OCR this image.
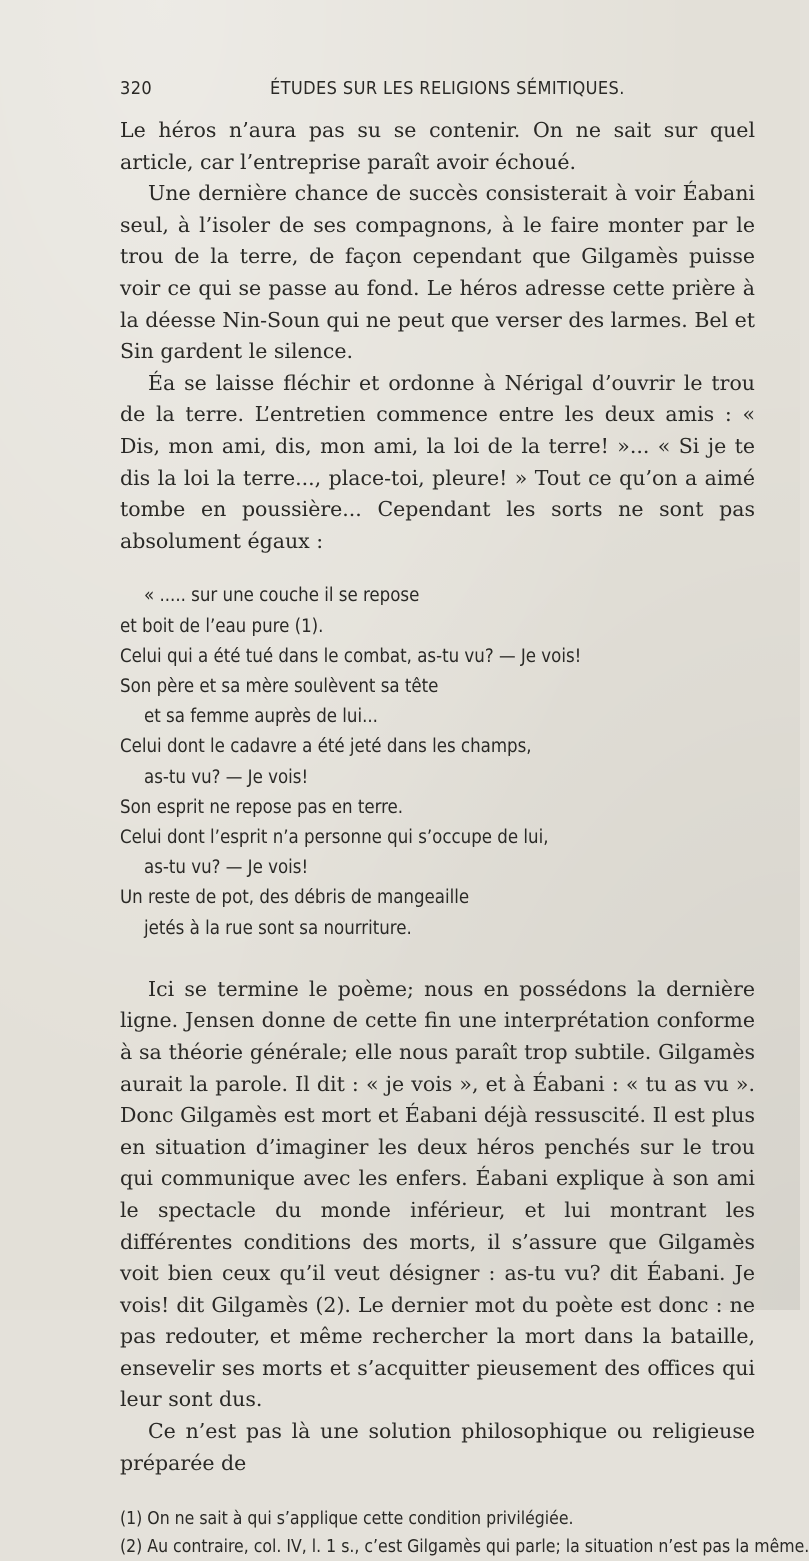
320	ÉTUDES SUR LES RELIGIONS SÉMITIQUES.

Le héros n’aura pas su se contenir. On ne sait sur quel article, car l’entreprise paraît avoir échoué.

Une dernière chance de succès consisterait à voir Éabani seul, à l’isoler de ses compagnons, à le faire monter par le trou de la terre, de façon cependant que Gilgamès puisse voir ce qui se passe au fond. Le héros adresse cette prière à la déesse Nin-Soun qui ne peut que verser des larmes. Bel et Sin gardent le silence.

Éa se laisse fléchir et ordonne à Nérigal d’ouvrir le trou de la terre. L’entretien commence entre les deux amis : « Dis, mon ami, dis, mon ami, la loi de la terre! »... « Si je te dis la loi la terre..., place-toi, pleure! » Tout ce qu’on a aimé tombe en poussière... Cependant les sorts ne sont pas absolument égaux :

« ..... sur une couche il se repose

et boit de l’eau pure (1).

Celui qui a été tué dans le combat, as-tu vu? — Je vois!

Son père et sa mère soulèvent sa tête

et sa femme auprès de lui...

Celui dont le cadavre a été jeté dans les champs,

as-tu vu? — Je vois!

Son esprit ne repose pas en terre.

Celui dont l’esprit n’a personne qui s’occupe de lui,

as-tu vu? — Je vois!

Un reste de pot, des débris de mangeaille

jetés à la rue sont sa nourriture.

Ici se termine le poème; nous en possédons la dernière ligne. Jensen donne de cette fin une interprétation conforme à sa théorie générale; elle nous paraît trop subtile. Gilgamès aurait la parole. Il dit : « je vois », et à Éabani : « tu as vu ». Donc Gilgamès est mort et Éabani déjà ressuscité. Il est plus en situation d’imaginer les deux héros penchés sur le trou qui communique avec les enfers. Éabani explique à son ami le spectacle du monde inférieur, et lui montrant les différentes conditions des morts, il s’assure que Gilgamès voit bien ceux qu’il veut désigner : as-tu vu? dit Éabani. Je vois! dit Gilgamès (2). Le dernier mot du poète est donc : ne pas redouter, et même rechercher la mort dans la bataille, ensevelir ses morts et s’acquitter pieusement des offices qui leur sont dus.

Ce n’est pas là une solution philosophique ou religieuse préparée de

(1) On ne sait à qui s’applique cette condition privilégiée.

(2) Au contraire, col. IV, l. 1 s., c’est Gilgamès qui parle; la situation n’est pas la même.
